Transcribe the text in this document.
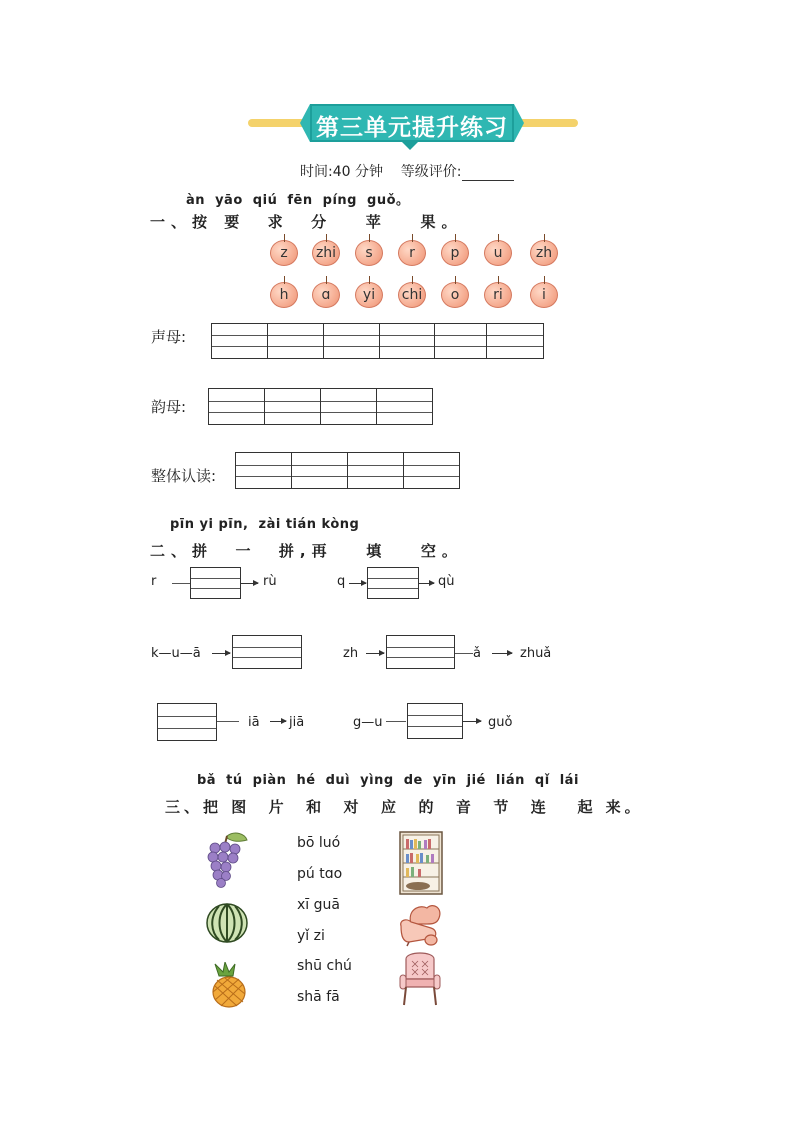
第三单元提升练习
时间:40 分钟 等级评价:
àn  yāo  qiú  fēn  píng  guǒ。
一、按 要  求  分   苹   果。
z	zhi	s	r	p	u	zh
h	ɑ	yi	chi	o	ri	i
声母:
韵母:
整体认读:
pīn yi pīn,  zài tián kòng
二、拼  一  拼,再   填   空。
r	rù	q	qù
k—u—ā	zh	ǎ	zhuǎ
iā jiā	g—u	guǒ
bǎ  tú  piàn  hé  duì  yìng  de  yīn  jié  lián  qǐ  lái
三、把 图  片  和  对  应  的  音  节  连   起 来。
bō luó
pú tɑo
xī guā
yǐ zi
shū chú
shā fā
